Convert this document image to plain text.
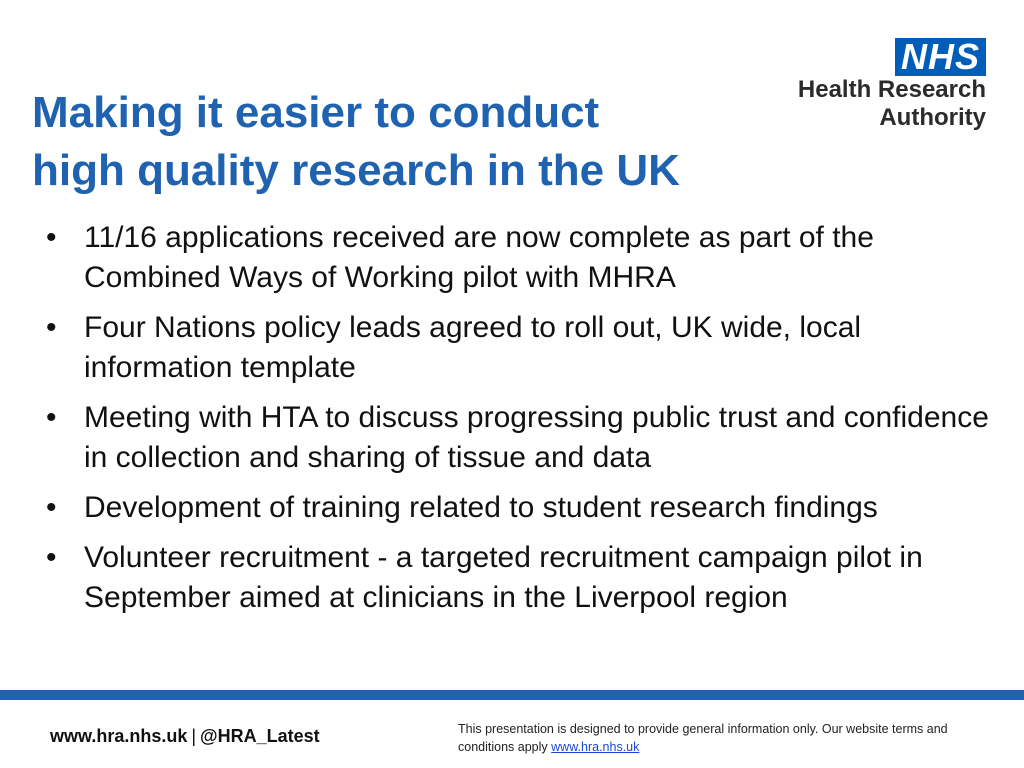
Making it easier to conduct
high quality research in the UK
NHS
Health Research
Authority
• 11/16 applications received are now complete as part of the Combined Ways of Working pilot with MHRA
• Four Nations policy leads agreed to roll out, UK wide, local information template
• Meeting with HTA to discuss progressing public trust and confidence in collection and sharing of tissue and data
• Development of training related to student research findings
• Volunteer recruitment - a targeted recruitment campaign pilot in September aimed at clinicians in the Liverpool region
www.hra.nhs.uk | @HRA_Latest	This presentation is designed to provide general information only. Our website terms and conditions apply www.hra.nhs.uk
